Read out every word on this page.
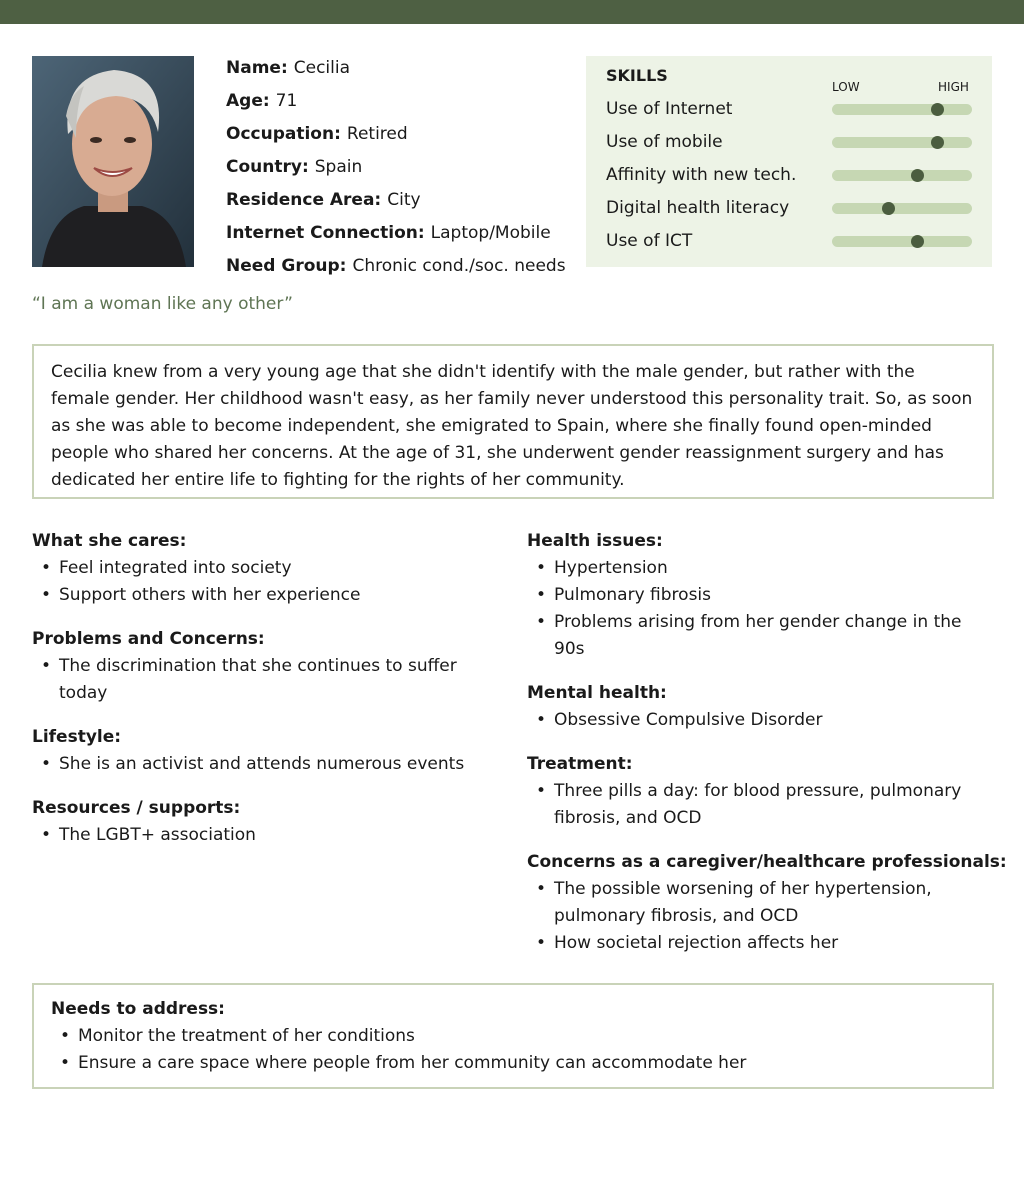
Name: Cecilia
Age: 71
Occupation: Retired
Country: Spain
Residence Area: City
Internet Connection: Laptop/Mobile
Need Group: Chronic cond./soc. needs
SKILLS
LOW	HIGH
Use of Internet
Use of mobile
Affinity with new tech.
Digital health literacy
Use of ICT
“I am a woman like any other”
Cecilia knew from a very young age that she didn't identify with the male gender, but rather with the female gender. Her childhood wasn't easy, as her family never understood this personality trait. So, as soon as she was able to become independent, she emigrated to Spain, where she finally found open-minded people who shared her concerns. At the age of 31, she underwent gender reassignment surgery and has dedicated her entire life to fighting for the rights of her community.
What she cares:
• Feel integrated into society
• Support others with her experience
Problems and Concerns:
• The discrimination that she continues to suffer today
Lifestyle:
• She is an activist and attends numerous events
Resources / supports:
• The LGBT+ association
Health issues:
• Hypertension
• Pulmonary fibrosis
• Problems arising from her gender change in the 90s
Mental health:
• Obsessive Compulsive Disorder
Treatment:
• Three pills a day: for blood pressure, pulmonary fibrosis, and OCD
Concerns as a caregiver/healthcare professionals:
• The possible worsening of her hypertension, pulmonary fibrosis, and OCD
• How societal rejection affects her
Needs to address:
• Monitor the treatment of her conditions
• Ensure a care space where people from her community can accommodate her
